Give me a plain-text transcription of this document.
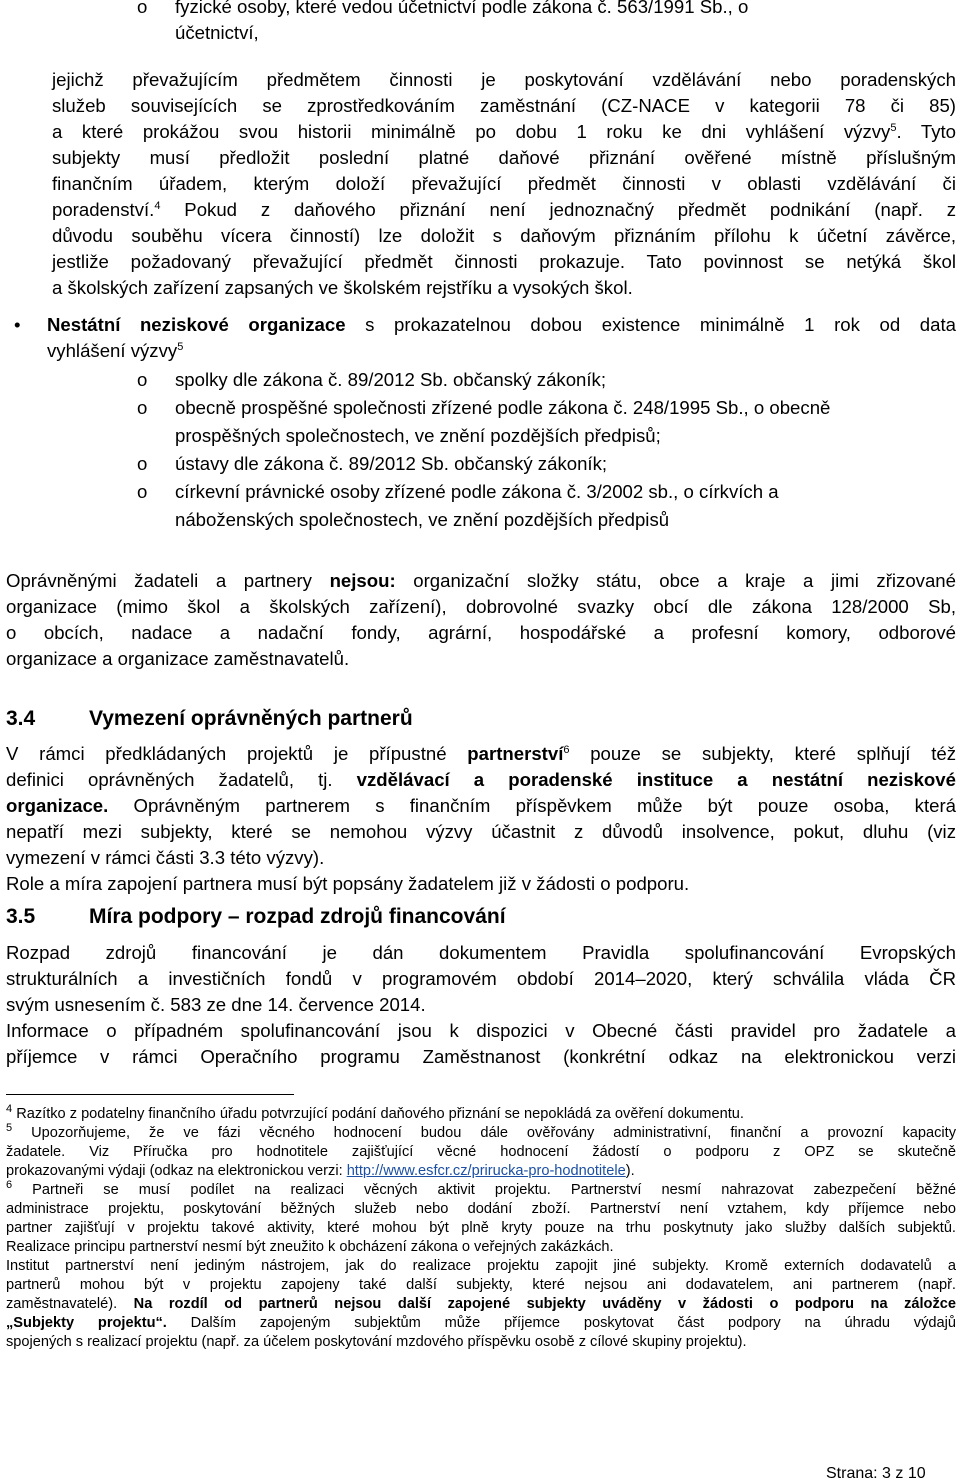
o fyzické osoby, které vedou účetnictví podle zákona č. 563/1991 Sb., o
účetnictví,
jejichž převažujícím předmětem činnosti je poskytování vzdělávání nebo poradenských
služeb souvisejících se zprostředkováním zaměstnání (CZ-NACE v kategorii 78 či 85)
a které prokážou svou historii minimálně po dobu 1 roku ke dni vyhlášení výzvy$^5$. Tyto
subjekty musí předložit poslední platné daňové přiznání ověřené místně příslušným
finančním úřadem, kterým doloží převažující předmět činnosti v oblasti vzdělávání či
poradenství.$^4$ Pokud z daňového přiznání není jednoznačný předmět podnikání (např. z
důvodu souběhu vícera činností) lze doložit s daňovým přiznáním přílohu k účetní závěrce,
jestliže požadovaný převažující předmět činnosti prokazuje. Tato povinnost se netýká škol
a školských zařízení zapsaných ve školském rejstříku a vysokých škol.
• Nestátní neziskové organizace s prokazatelnou dobou existence minimálně 1 rok od data
vyhlášení výzvy$^5$
o	spolky dle zákona č. 89/2012 Sb. občanský zákoník;
o	obecně prospěšné společnosti zřízené podle zákona č. 248/1995 Sb., o obecně
prospěšných společnostech, ve znění pozdějších předpisů;
o	ústavy dle zákona č. 89/2012 Sb. občanský zákoník;
o	církevní právnické osoby zřízené podle zákona č. 3/2002 sb., o církvích a
náboženských společnostech, ve znění pozdějších předpisů
Oprávněnými žadateli a partnery nejsou: organizační složky státu, obce a kraje a jimi zřizované
organizace (mimo škol a školských zařízení), dobrovolné svazky obcí dle zákona 128/2000 Sb,
o obcích, nadace a nadační fondy, agrární, hospodářské a profesní komory, odborové
organizace a organizace zaměstnavatelů.
3.4	Vymezení oprávněných partnerů
V rámci předkládaných projektů je přípustné partnerství$^6$ pouze se subjekty, které splňují též
definici oprávněných žadatelů, tj. vzdělávací a poradenské instituce a nestátní neziskové
organizace. Oprávněným partnerem s finančním příspěvkem může být pouze osoba, která
nepatří mezi subjekty, které se nemohou výzvy účastnit z důvodů insolvence, pokut, dluhu (viz
vymezení v rámci části 3.3 této výzvy).
Role a míra zapojení partnera musí být popsány žadatelem již v žádosti o podporu.
3.5	Míra podpory – rozpad zdrojů financování
Rozpad zdrojů financování je dán dokumentem Pravidla spolufinancování Evropských
strukturálních a investičních fondů v programovém období 2014–2020, který schválila vláda ČR
svým usnesením č. 583 ze dne 14. července 2014.
Informace o případném spolufinancování jsou k dispozici v Obecné části pravidel pro žadatele a
příjemce v rámci Operačního programu Zaměstnanost (konkrétní odkaz na elektronickou verzi
$^4$ Razítko z podatelny finančního úřadu potvrzující podání daňového přiznání se nepokládá za ověření dokumentu.
$^5$ Upozorňujeme, že ve fázi věcného hodnocení budou dále ověřovány administrativní, finanční a provozní kapacity
žadatele. Viz Příručka pro hodnotitele zajišťující věcné hodnocení žádostí o podporu z OPZ se skutečně
prokazovanými výdaji (odkaz na elektronickou verzi: http://www.esfcr.cz/prirucka-pro-hodnotitele).
$^6$ Partneři se musí podílet na realizaci věcných aktivit projektu. Partnerství nesmí nahrazovat zabezpečení běžné
administrace projektu, poskytování běžných služeb nebo dodání zboží. Partnerství není vztahem, kdy příjemce nebo
partner zajišťují v projektu takové aktivity, které mohou být plně kryty pouze na trhu poskytnuty jako služby dalších subjektů.
Realizace principu partnerství nesmí být zneužito k obcházení zákona o veřejných zakázkách.
Institut partnerství není jediným nástrojem, jak do realizace projektu zapojit jiné subjekty. Kromě externích dodavatelů a
partnerů mohou být v projektu zapojeny také další subjekty, které nejsou ani dodavatelem, ani partnerem (např.
zaměstnavatelé). Na rozdíl od partnerů nejsou další zapojené subjekty uváděny v žádosti o podporu na záložce
„Subjekty projektu“. Dalším zapojeným subjektům může příjemce poskytovat část podpory na úhradu výdajů
spojených s realizací projektu (např. za účelem poskytování mzdového příspěvku osobě z cílové skupiny projektu).
Strana: 3 z 10
